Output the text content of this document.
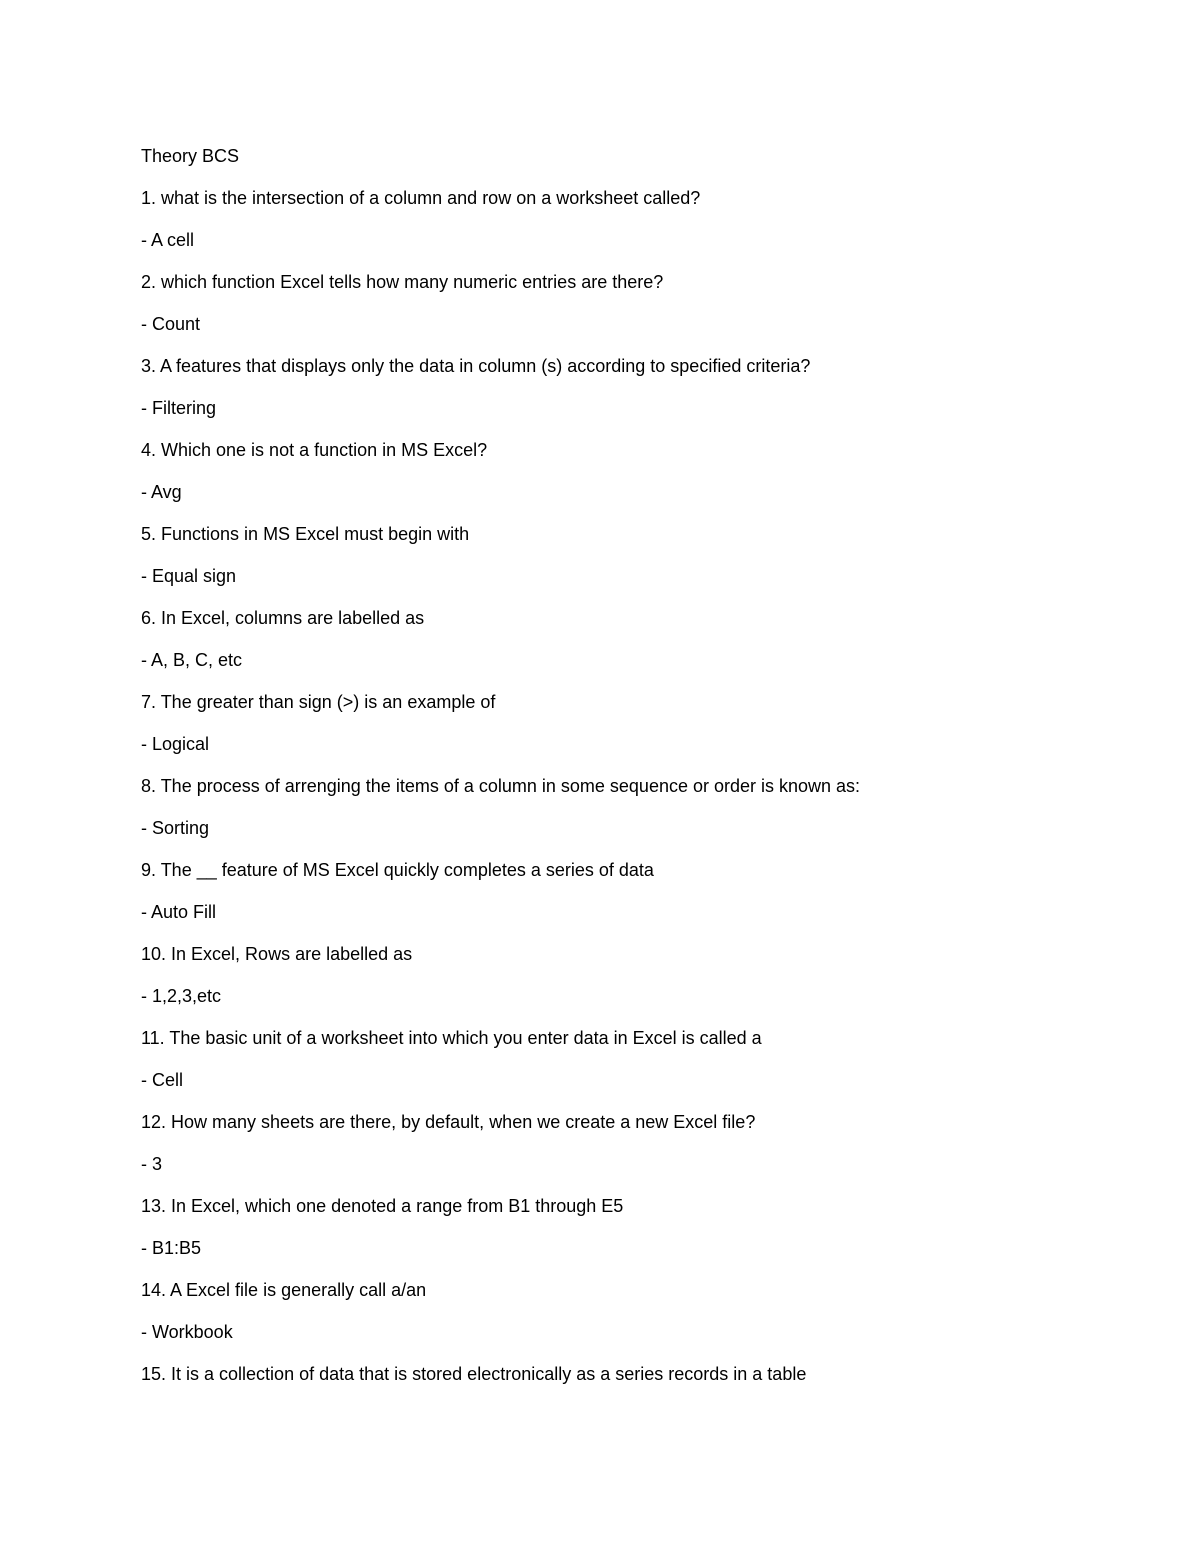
Theory BCS
1. what is the intersection of a column and row on a worksheet called?
- A cell
2. which function Excel tells how many numeric entries are there?
- Count
3. A features that displays only the data in column (s) according to specified criteria?
- Filtering
4. Which one is not a function in MS Excel?
- Avg
5. Functions in MS Excel must begin with
- Equal sign
6. In Excel, columns are labelled as
- A, B, C, etc
7. The greater than sign (>) is an example of
- Logical
8. The process of arrenging the items of a column in some sequence or order is known as:
- Sorting
9. The __ feature of MS Excel quickly completes a series of data
- Auto Fill
10. In Excel, Rows are labelled as
- 1,2,3,etc
11. The basic unit of a worksheet into which you enter data in Excel is called a
- Cell
12. How many sheets are there, by default, when we create a new Excel file?
- 3
13. In Excel, which one denoted a range from B1 through E5
- B1:B5
14. A Excel file is generally call a/an
- Workbook
15. It is a collection of data that is stored electronically as a series records in a table
